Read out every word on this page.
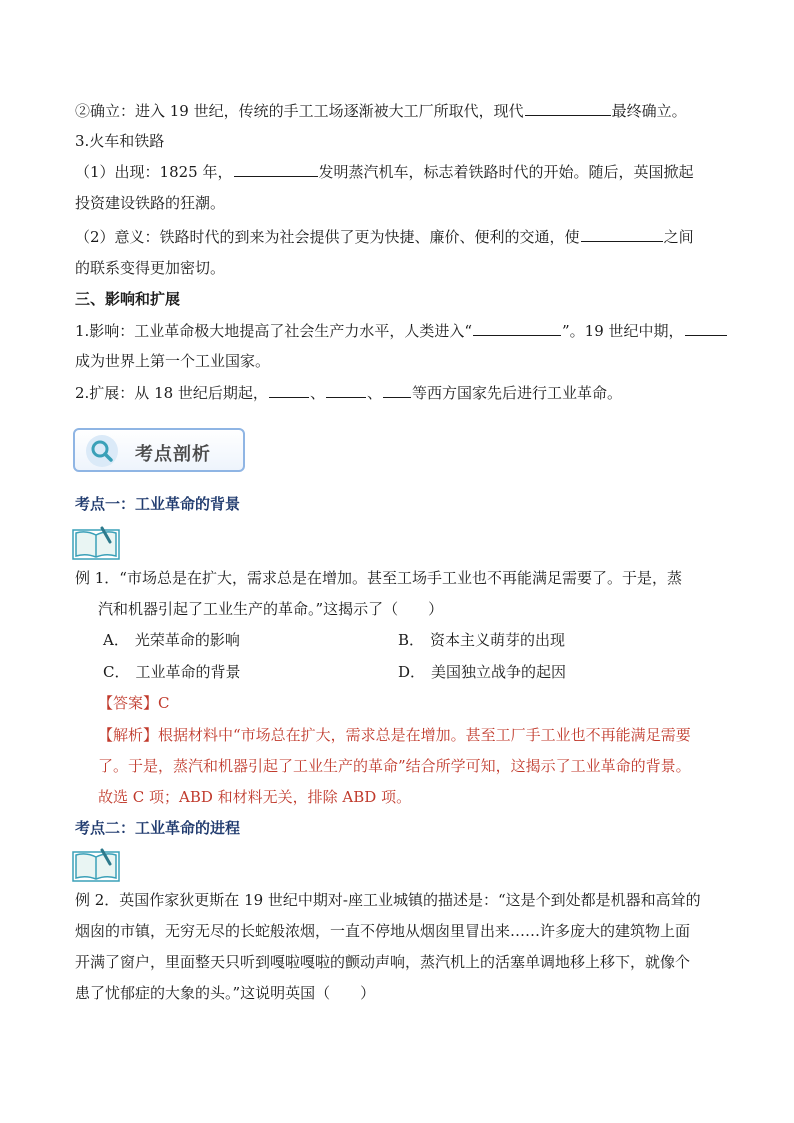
②确立：进入 19 世纪，传统的手工工场逐渐被大工厂所取代，现代	最终确立。
3.火车和铁路
（1）出现：1825 年，	发明蒸汽机车，标志着铁路时代的开始。随后，英国掀起
投资建设铁路的狂潮。
（2）意义：铁路时代的到来为社会提供了更为快捷、廉价、便利的交通，使	之间
的联系变得更加密切。
三、影响和扩展
1.影响：工业革命极大地提高了社会生产力水平，人类进入“	”。19 世纪中期，
成为世界上第一个工业国家。
2.扩展：从 18 世纪后期起，	、	、 等西方国家先后进行工业革命。
考点剖析
考点一：工业革命的背景
例 1．“市场总是在扩大，需求总是在增加。甚至工场手工业也不再能满足需要了。于是，蒸
汽和机器引起了工业生产的革命。”这揭示了（　　）
A． 光荣革命的影响	B． 资本主义萌芽的出现
C． 工业革命的背景	D． 美国独立战争的起因
【答案】C
【解析】根据材料中“市场总在扩大，需求总是在增加。甚至工厂手工业也不再能满足需要
了。于是，蒸汽和机器引起了工业生产的革命”结合所学可知，这揭示了工业革命的背景。
故选 C 项；ABD 和材料无关，排除 ABD 项。
考点二：工业革命的进程
例 2．英国作家狄更斯在 19 世纪中期对-座工业城镇的描述是：“这是个到处都是机器和高耸的
烟囱的市镇，无穷无尽的长蛇般浓烟，一直不停地从烟囱里冒出来……许多庞大的建筑物上面
开满了窗户，里面整天只听到嘎啦嘎啦的颤动声响，蒸汽机上的活塞单调地移上移下，就像个
患了忧郁症的大象的头。”这说明英国（　　）
